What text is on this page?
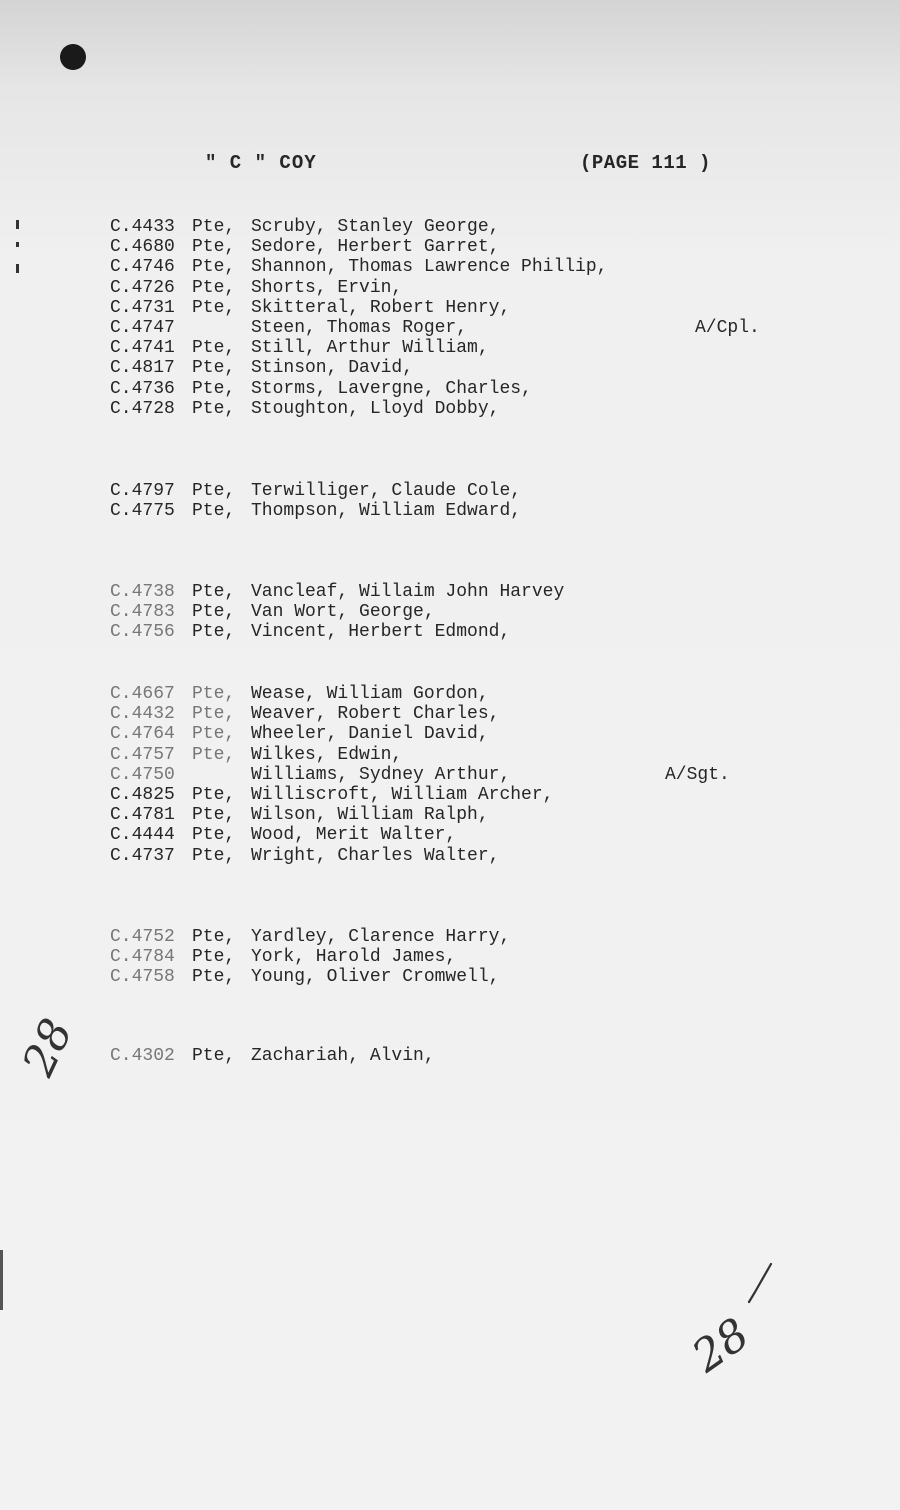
" C " COY	(PAGE 111 )
C.4433 Pte, Scruby, Stanley George,
C.4680 Pte, Sedore, Herbert Garret,
C.4746 Pte, Shannon, Thomas Lawrence Phillip,
C.4726 Pte, Shorts, Ervin,
C.4731 Pte, Skitteral, Robert Henry,
C.4747	Steen, Thomas Roger,	A/Cpl.
C.4741 Pte, Still, Arthur William,
C.4817 Pte, Stinson, David,
C.4736 Pte, Storms, Lavergne, Charles,
C.4728 Pte, Stoughton, Lloyd Dobby,
C.4797 Pte, Terwilliger, Claude Cole,
C.4775 Pte, Thompson, William Edward,
C.4738 Pte, Vancleaf, Willaim John Harvey
C.4783 Pte, Van Wort, George,
C.4756 Pte, Vincent, Herbert Edmond,
C.4667 Pte, Wease, William Gordon,
C.4432 Pte, Weaver, Robert Charles,
C.4764 Pte, Wheeler, Daniel David,
C.4757 Pte, Wilkes, Edwin,
C.4750	Williams, Sydney Arthur,	A/Sgt.
C.4825 Pte, Williscroft, William Archer,
C.4781 Pte, Wilson, William Ralph,
C.4444 Pte, Wood, Merit Walter,
C.4737 Pte, Wright, Charles Walter,
C.4752 Pte, Yardley, Clarence Harry,
C.4784 Pte, York, Harold James,
C.4758 Pte, Young, Oliver Cromwell,
C.4302 Pte, Zachariah, Alvin,
28
28
